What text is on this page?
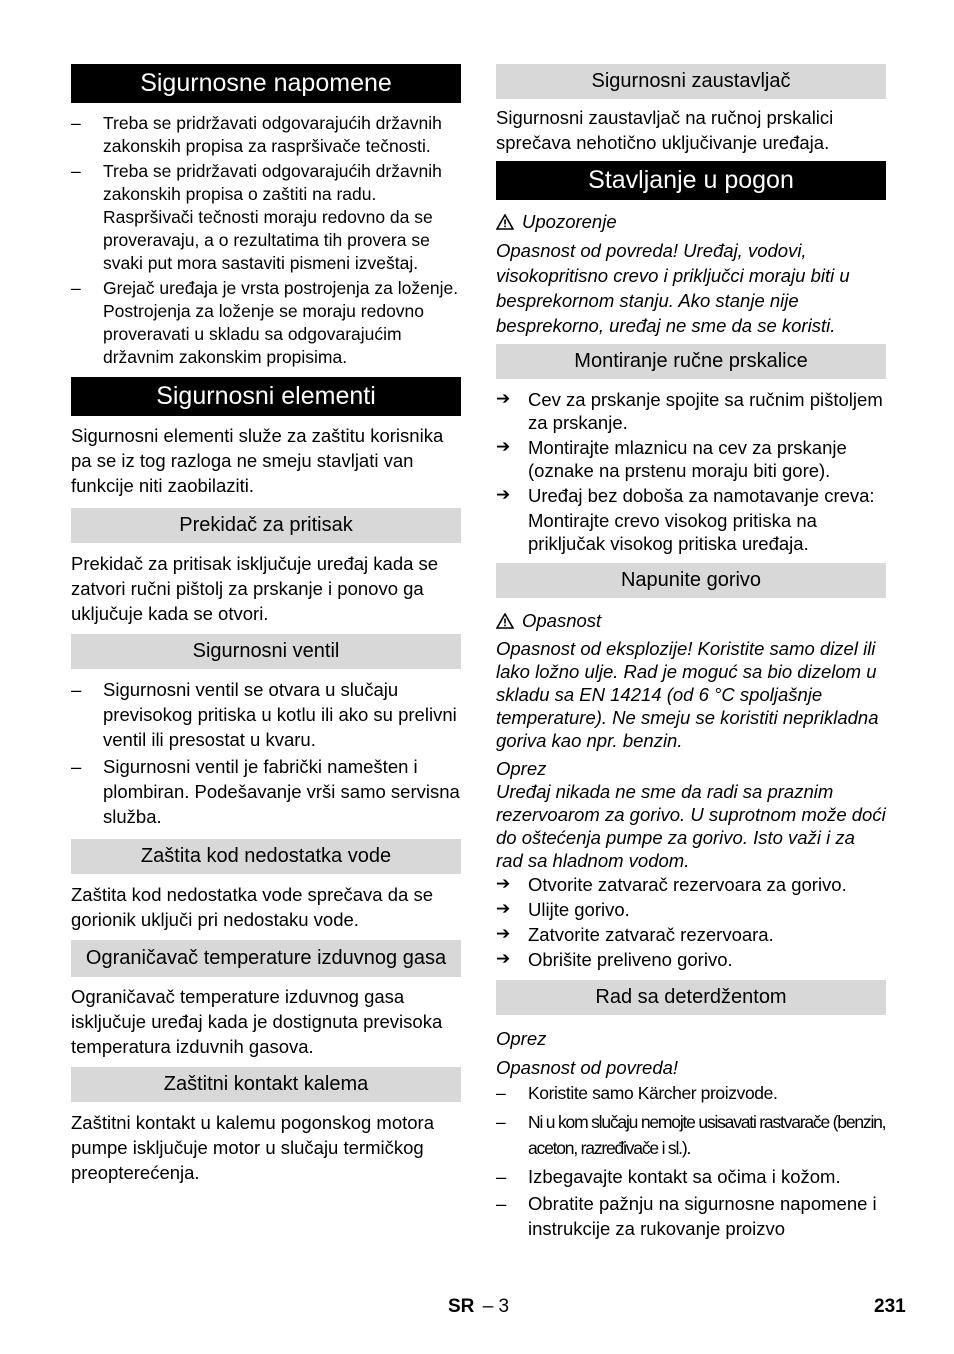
Sigurnosne napomene
– Treba se pridržavati odgovarajućih državnih zakonskih propisa za raspršivače tečnosti.
– Treba se pridržavati odgovarajućih državnih zakonskih propisa o zaštiti na radu. Raspršivači tečnosti moraju redovno da se proveravaju, a o rezultatima tih provera se svaki put mora sastaviti pismeni izveštaj.
– Grejač uređaja je vrsta postrojenja za loženje. Postrojenja za loženje se moraju redovno proveravati u skladu sa odgovarajućim državnim zakonskim propisima.
Sigurnosni elementi

Sigurnosni elementi služe za zaštitu korisnika pa se iz tog razloga ne smeju stavljati van funkcije niti zaobilaziti.

Prekidač za pritisak

Prekidač za pritisak isključuje uređaj kada se zatvori ručni pištolj za prskanje i ponovo ga uključuje kada se otvori.

Sigurnosni ventil
– Sigurnosni ventil se otvara u slučaju previsokog pritiska u kotlu ili ako su prelivni ventil ili presostat u kvaru.
– Sigurnosni ventil je fabrički namešten i plombiran. Podešavanje vrši samo servisna služba.
Zaštita kod nedostatka vode

Zaštita kod nedostatka vode sprečava da se gorionik uključi pri nedostaku vode.

Ograničavač temperature izduvnog gasa

Ograničavač temperature izduvnog gasa isključuje uređaj kada je dostignuta previsoka temperatura izduvnih gasova.

Zaštitni kontakt kalema

Zaštitni kontakt u kalemu pogonskog motora pumpe isključuje motor u slučaju termičkog preopterećenja.

Sigurnosni zaustavljač

Sigurnosni zaustavljač na ručnoj prskalici sprečava nehotično uključivanje uređaja.

Stavljanje u pogon
Upozorenje

Opasnost od povreda! Uređaj, vodovi, visokopritisno crevo i priključci moraju biti u besprekornom stanju. Ako stanje nije besprekorno, uređaj ne sme da se koristi.

Montiranje ručne prskalice
➔ Cev za prskanje spojite sa ručnim pištoljem za prskanje.
➔ Montirajte mlaznicu na cev za prskanje (oznake na prstenu moraju biti gore).
➔ Uređaj bez doboša za namotavanje creva:

Montirajte crevo visokog pritiska na priključak visokog pritiska uređaja.

Napunite gorivo
Opasnost

Opasnost od eksplozije! Koristite samo dizel ili lako ložno ulje. Rad je moguć sa bio dizelom u skladu sa EN 14214 (od 6 °C spoljašnje temperature). Ne smeju se koristiti neprikladna goriva kao npr. benzin.

Oprez

Uređaj nikada ne sme da radi sa praznim rezervoarom za gorivo. U suprotnom može doći do oštećenja pumpe za gorivo. Isto važi i za rad sa hladnom vodom.

➔ Otvorite zatvarač rezervoara za gorivo.
➔ Ulijte gorivo.
➔ Zatvorite zatvarač rezervoara.
➔ Obrišite preliveno gorivo.
Rad sa deterdžentom

Oprez

Opasnost od povreda!

– Koristite samo Kärcher proizvode.
– Ni u kom slučaju nemojte usisavati rastvarače (benzin, aceton, razređivače i sl.).
– Izbegavajte kontakt sa očima i kožom.
– Obratite pažnju na sigurnosne napomene i instrukcije za rukovanje proizvo
SR – 3	231
